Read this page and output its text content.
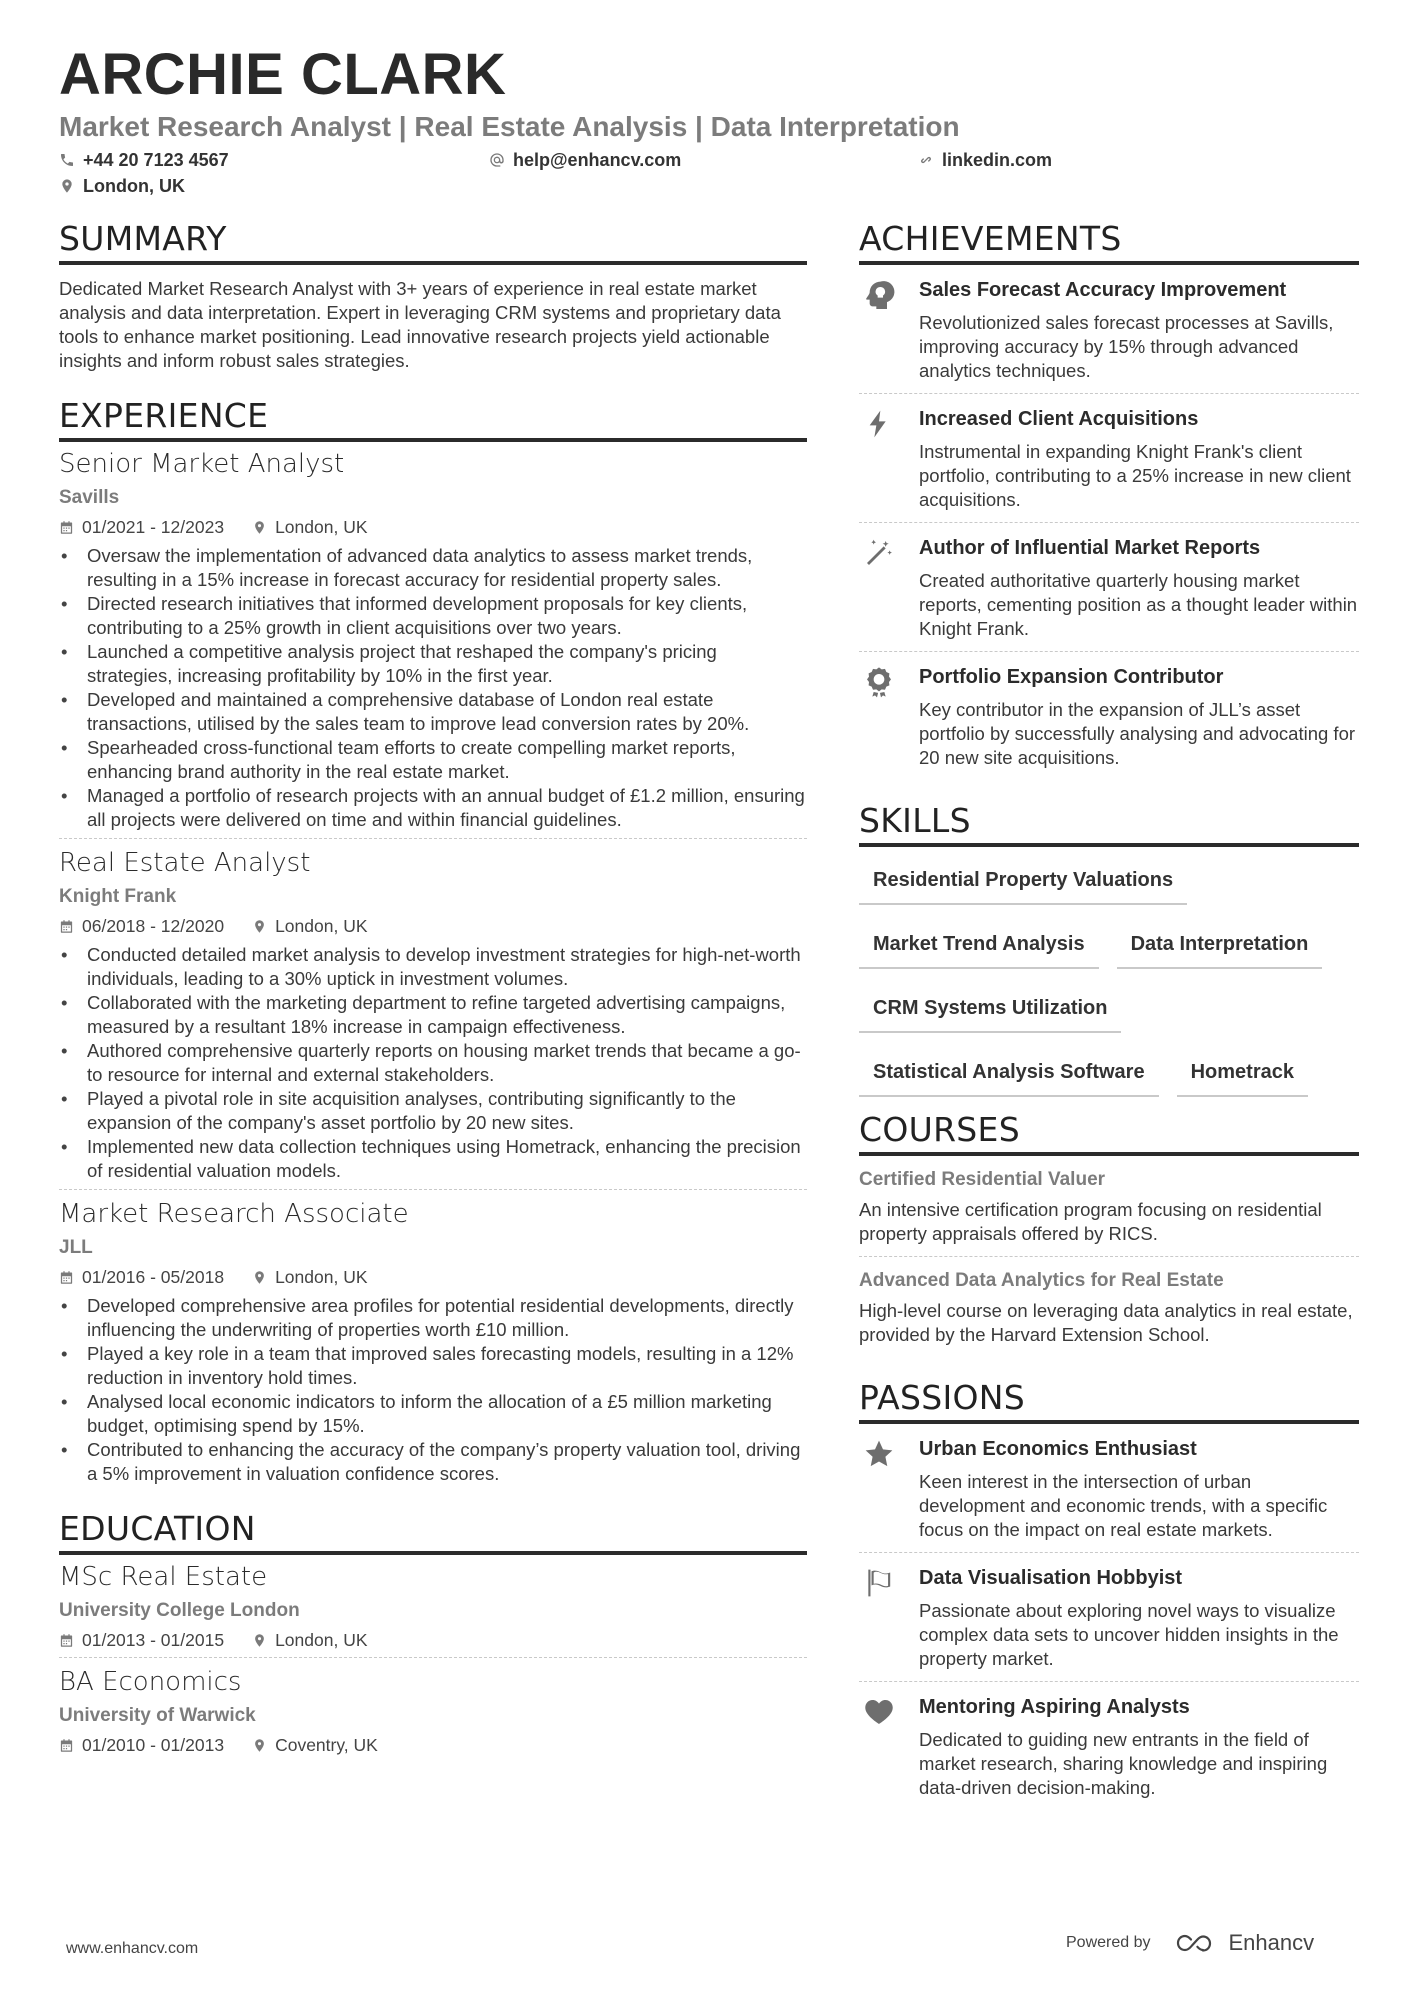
ARCHIE CLARK
Market Research Analyst | Real Estate Analysis | Data Interpretation
+44 20 7123 4567	help@enhancv.com	linkedin.com
London, UK
SUMMARY
Dedicated Market Research Analyst with 3+ years of experience in real estate market analysis and data interpretation. Expert in leveraging CRM systems and proprietary data tools to enhance market positioning. Lead innovative research projects yield actionable insights and inform robust sales strategies.
EXPERIENCE
Senior Market Analyst
Savills
01/2021 - 12/2023	London, UK
• Oversaw the implementation of advanced data analytics to assess market trends, resulting in a 15% increase in forecast accuracy for residential property sales.
• Directed research initiatives that informed development proposals for key clients, contributing to a 25% growth in client acquisitions over two years.
• Launched a competitive analysis project that reshaped the company's pricing strategies, increasing profitability by 10% in the first year.
• Developed and maintained a comprehensive database of London real estate transactions, utilised by the sales team to improve lead conversion rates by 20%.
• Spearheaded cross-functional team efforts to create compelling market reports, enhancing brand authority in the real estate market.
• Managed a portfolio of research projects with an annual budget of £1.2 million, ensuring all projects were delivered on time and within financial guidelines.
Real Estate Analyst
Knight Frank
06/2018 - 12/2020	London, UK
• Conducted detailed market analysis to develop investment strategies for high-net-worth individuals, leading to a 30% uptick in investment volumes.
• Collaborated with the marketing department to refine targeted advertising campaigns, measured by a resultant 18% increase in campaign effectiveness.
• Authored comprehensive quarterly reports on housing market trends that became a go-to resource for internal and external stakeholders.
• Played a pivotal role in site acquisition analyses, contributing significantly to the expansion of the company's asset portfolio by 20 new sites.
• Implemented new data collection techniques using Hometrack, enhancing the precision of residential valuation models.
Market Research Associate
JLL
01/2016 - 05/2018	London, UK
• Developed comprehensive area profiles for potential residential developments, directly influencing the underwriting of properties worth £10 million.
• Played a key role in a team that improved sales forecasting models, resulting in a 12% reduction in inventory hold times.
• Analysed local economic indicators to inform the allocation of a £5 million marketing budget, optimising spend by 15%.
• Contributed to enhancing the accuracy of the company’s property valuation tool, driving a 5% improvement in valuation confidence scores.
EDUCATION
MSc Real Estate
University College London
01/2013 - 01/2015	London, UK
BA Economics
University of Warwick
01/2010 - 01/2013	Coventry, UK
ACHIEVEMENTS
Sales Forecast Accuracy Improvement
Revolutionized sales forecast processes at Savills, improving accuracy by 15% through advanced analytics techniques.
Increased Client Acquisitions
Instrumental in expanding Knight Frank's client portfolio, contributing to a 25% increase in new client acquisitions.
Author of Influential Market Reports
Created authoritative quarterly housing market reports, cementing position as a thought leader within Knight Frank.
Portfolio Expansion Contributor
Key contributor in the expansion of JLL’s asset portfolio by successfully analysing and advocating for 20 new site acquisitions.
SKILLS
Residential Property Valuations
Market Trend Analysis	Data Interpretation
CRM Systems Utilization
Statistical Analysis Software	Hometrack
COURSES
Certified Residential Valuer
An intensive certification program focusing on residential property appraisals offered by RICS.
Advanced Data Analytics for Real Estate
High-level course on leveraging data analytics in real estate, provided by the Harvard Extension School.
PASSIONS
Urban Economics Enthusiast
Keen interest in the intersection of urban development and economic trends, with a specific focus on the impact on real estate markets.
Data Visualisation Hobbyist
Passionate about exploring novel ways to visualize complex data sets to uncover hidden insights in the property market.
Mentoring Aspiring Analysts
Dedicated to guiding new entrants in the field of market research, sharing knowledge and inspiring data-driven decision-making.
www.enhancv.com	Powered by	Enhancv
